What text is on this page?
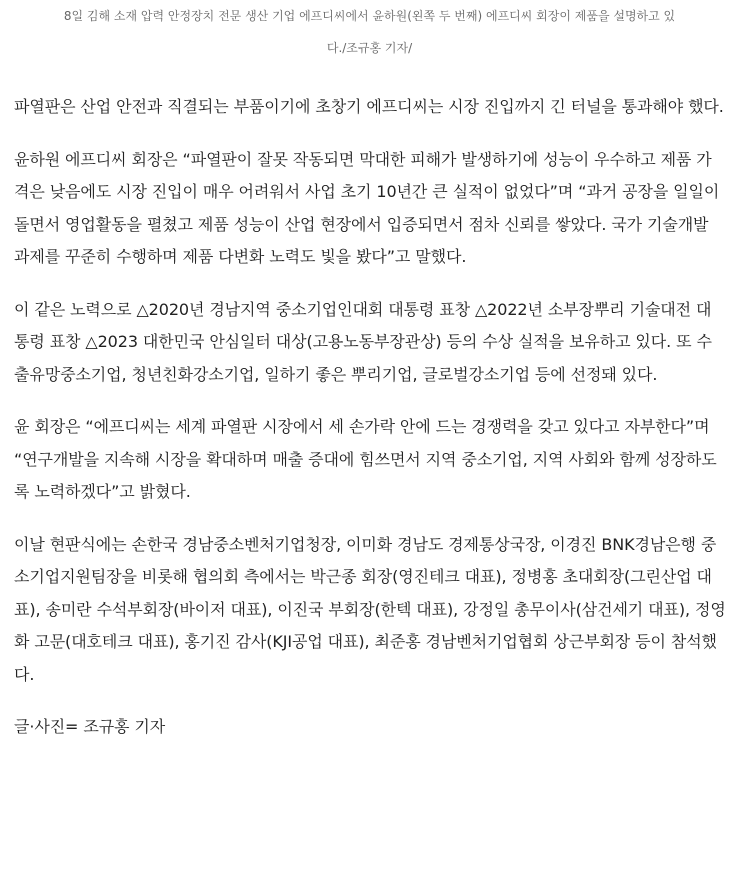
8일 김해 소재 압력 안정장치 전문 생산 기업 에프디씨에서 윤하원(왼쪽 두 번째) 에프디씨 회장이 제품을 설명하고 있
다./조규홍 기자/

파열판은 산업 안전과 직결되는 부품이기에 초창기 에프디씨는 시장 진입까지 긴 터널을 통과해야 했다.

윤하원 에프디씨 회장은 “파열판이 잘못 작동되면 막대한 피해가 발생하기에 성능이 우수하고 제품 가격은 낮음에도 시장 진입이 매우 어려워서 사업 초기 10년간 큰 실적이 없었다”며 “과거 공장을 일일이 돌면서 영업활동을 펼쳤고 제품 성능이 산업 현장에서 입증되면서 점차 신뢰를 쌓았다. 국가 기술개발 과제를 꾸준히 수행하며 제품 다변화 노력도 빛을 봤다”고 말했다.

이 같은 노력으로 △2020년 경남지역 중소기업인대회 대통령 표창 △2022년 소부장뿌리 기술대전 대통령 표창 △2023 대한민국 안심일터 대상(고용노동부장관상) 등의 수상 실적을 보유하고 있다. 또 수출유망중소기업, 청년친화강소기업, 일하기 좋은 뿌리기업, 글로벌강소기업 등에 선정돼 있다.

윤 회장은 “에프디씨는 세계 파열판 시장에서 세 손가락 안에 드는 경쟁력을 갖고 있다고 자부한다”며 “연구개발을 지속해 시장을 확대하며 매출 증대에 힘쓰면서 지역 중소기업, 지역 사회와 함께 성장하도록 노력하겠다”고 밝혔다.

이날 현판식에는 손한국 경남중소벤처기업청장, 이미화 경남도 경제통상국장, 이경진 BNK경남은행 중소기업지원팀장을 비롯해 협의회 측에서는 박근종 회장(영진테크 대표), 정병홍 초대회장(그린산업 대표), 송미란 수석부회장(바이저 대표), 이진국 부회장(한텍 대표), 강정일 총무이사(삼건세기 대표), 정영화 고문(대호테크 대표), 홍기진 감사(KJI공업 대표), 최준홍 경남벤처기업협회 상근부회장 등이 참석했다.

글·사진= 조규홍 기자
